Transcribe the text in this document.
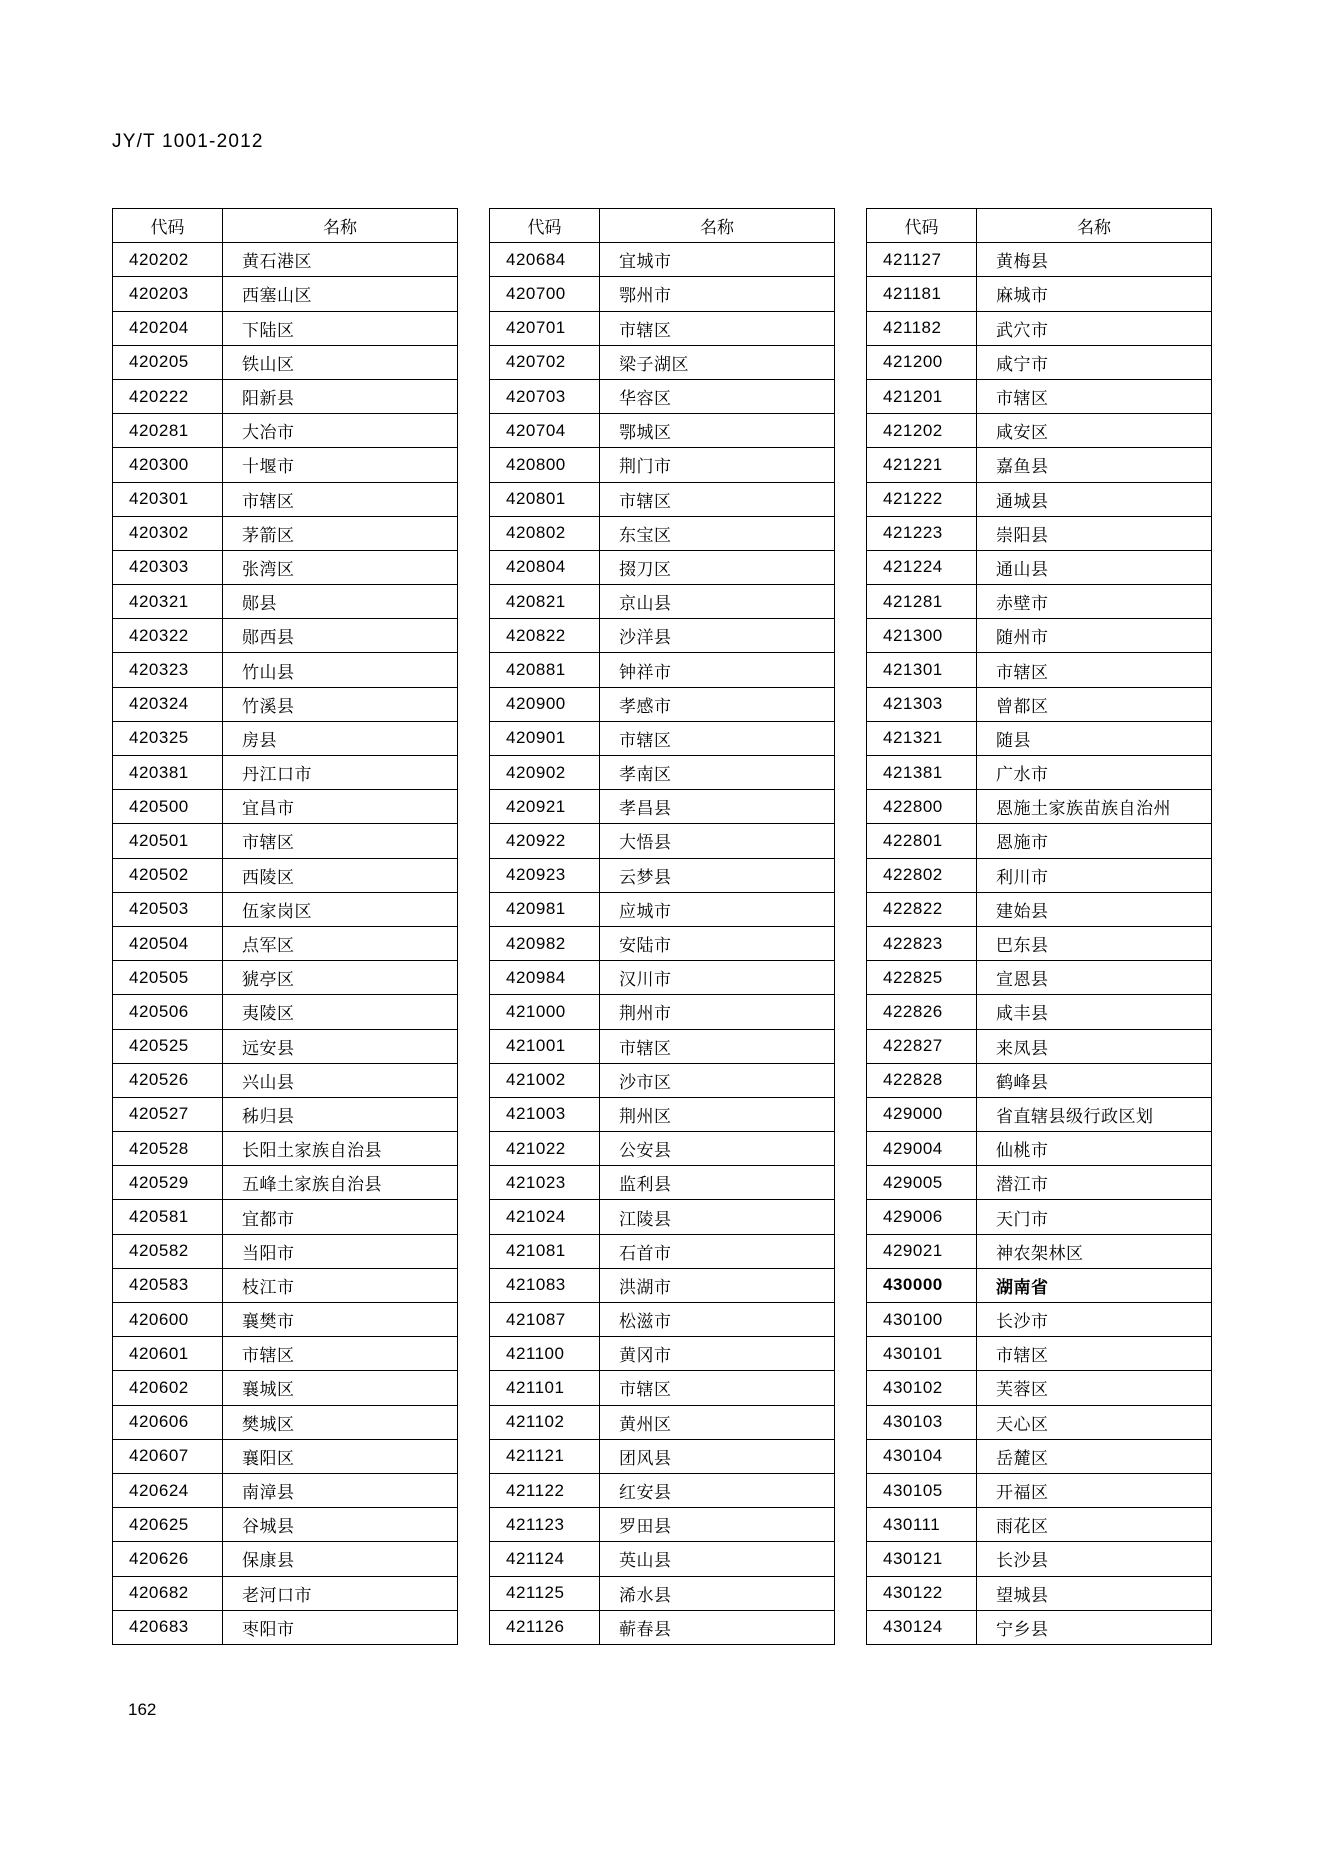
JY/T 1001-2012
代码	名称
420202	黄石港区
420203	西塞山区
420204	下陆区
420205	铁山区
420222	阳新县
420281	大冶市
420300	十堰市
420301	市辖区
420302	茅箭区
420303	张湾区
420321	郧县
420322	郧西县
420323	竹山县
420324	竹溪县
420325	房县
420381	丹江口市
420500	宜昌市
420501	市辖区
420502	西陵区
420503	伍家岗区
420504	点军区
420505	猇亭区
420506	夷陵区
420525	远安县
420526	兴山县
420527	秭归县
420528	长阳土家族自治县
420529	五峰土家族自治县
420581	宜都市
420582	当阳市
420583	枝江市
420600	襄樊市
420601	市辖区
420602	襄城区
420606	樊城区
420607	襄阳区
420624	南漳县
420625	谷城县
420626	保康县
420682	老河口市
420683	枣阳市
代码	名称
420684	宜城市
420700	鄂州市
420701	市辖区
420702	梁子湖区
420703	华容区
420704	鄂城区
420800	荆门市
420801	市辖区
420802	东宝区
420804	掇刀区
420821	京山县
420822	沙洋县
420881	钟祥市
420900	孝感市
420901	市辖区
420902	孝南区
420921	孝昌县
420922	大悟县
420923	云梦县
420981	应城市
420982	安陆市
420984	汉川市
421000	荆州市
421001	市辖区
421002	沙市区
421003	荆州区
421022	公安县
421023	监利县
421024	江陵县
421081	石首市
421083	洪湖市
421087	松滋市
421100	黄冈市
421101	市辖区
421102	黄州区
421121	团风县
421122	红安县
421123	罗田县
421124	英山县
421125	浠水县
421126	蕲春县
代码	名称
421127	黄梅县
421181	麻城市
421182	武穴市
421200	咸宁市
421201	市辖区
421202	咸安区
421221	嘉鱼县
421222	通城县
421223	崇阳县
421224	通山县
421281	赤壁市
421300	随州市
421301	市辖区
421303	曾都区
421321	随县
421381	广水市
422800	恩施土家族苗族自治州
422801	恩施市
422802	利川市
422822	建始县
422823	巴东县
422825	宣恩县
422826	咸丰县
422827	来凤县
422828	鹤峰县
429000	省直辖县级行政区划
429004	仙桃市
429005	潜江市
429006	天门市
429021	神农架林区
430000	湖南省
430100	长沙市
430101	市辖区
430102	芙蓉区
430103	天心区
430104	岳麓区
430105	开福区
430111	雨花区
430121	长沙县
430122	望城县
430124	宁乡县
162
